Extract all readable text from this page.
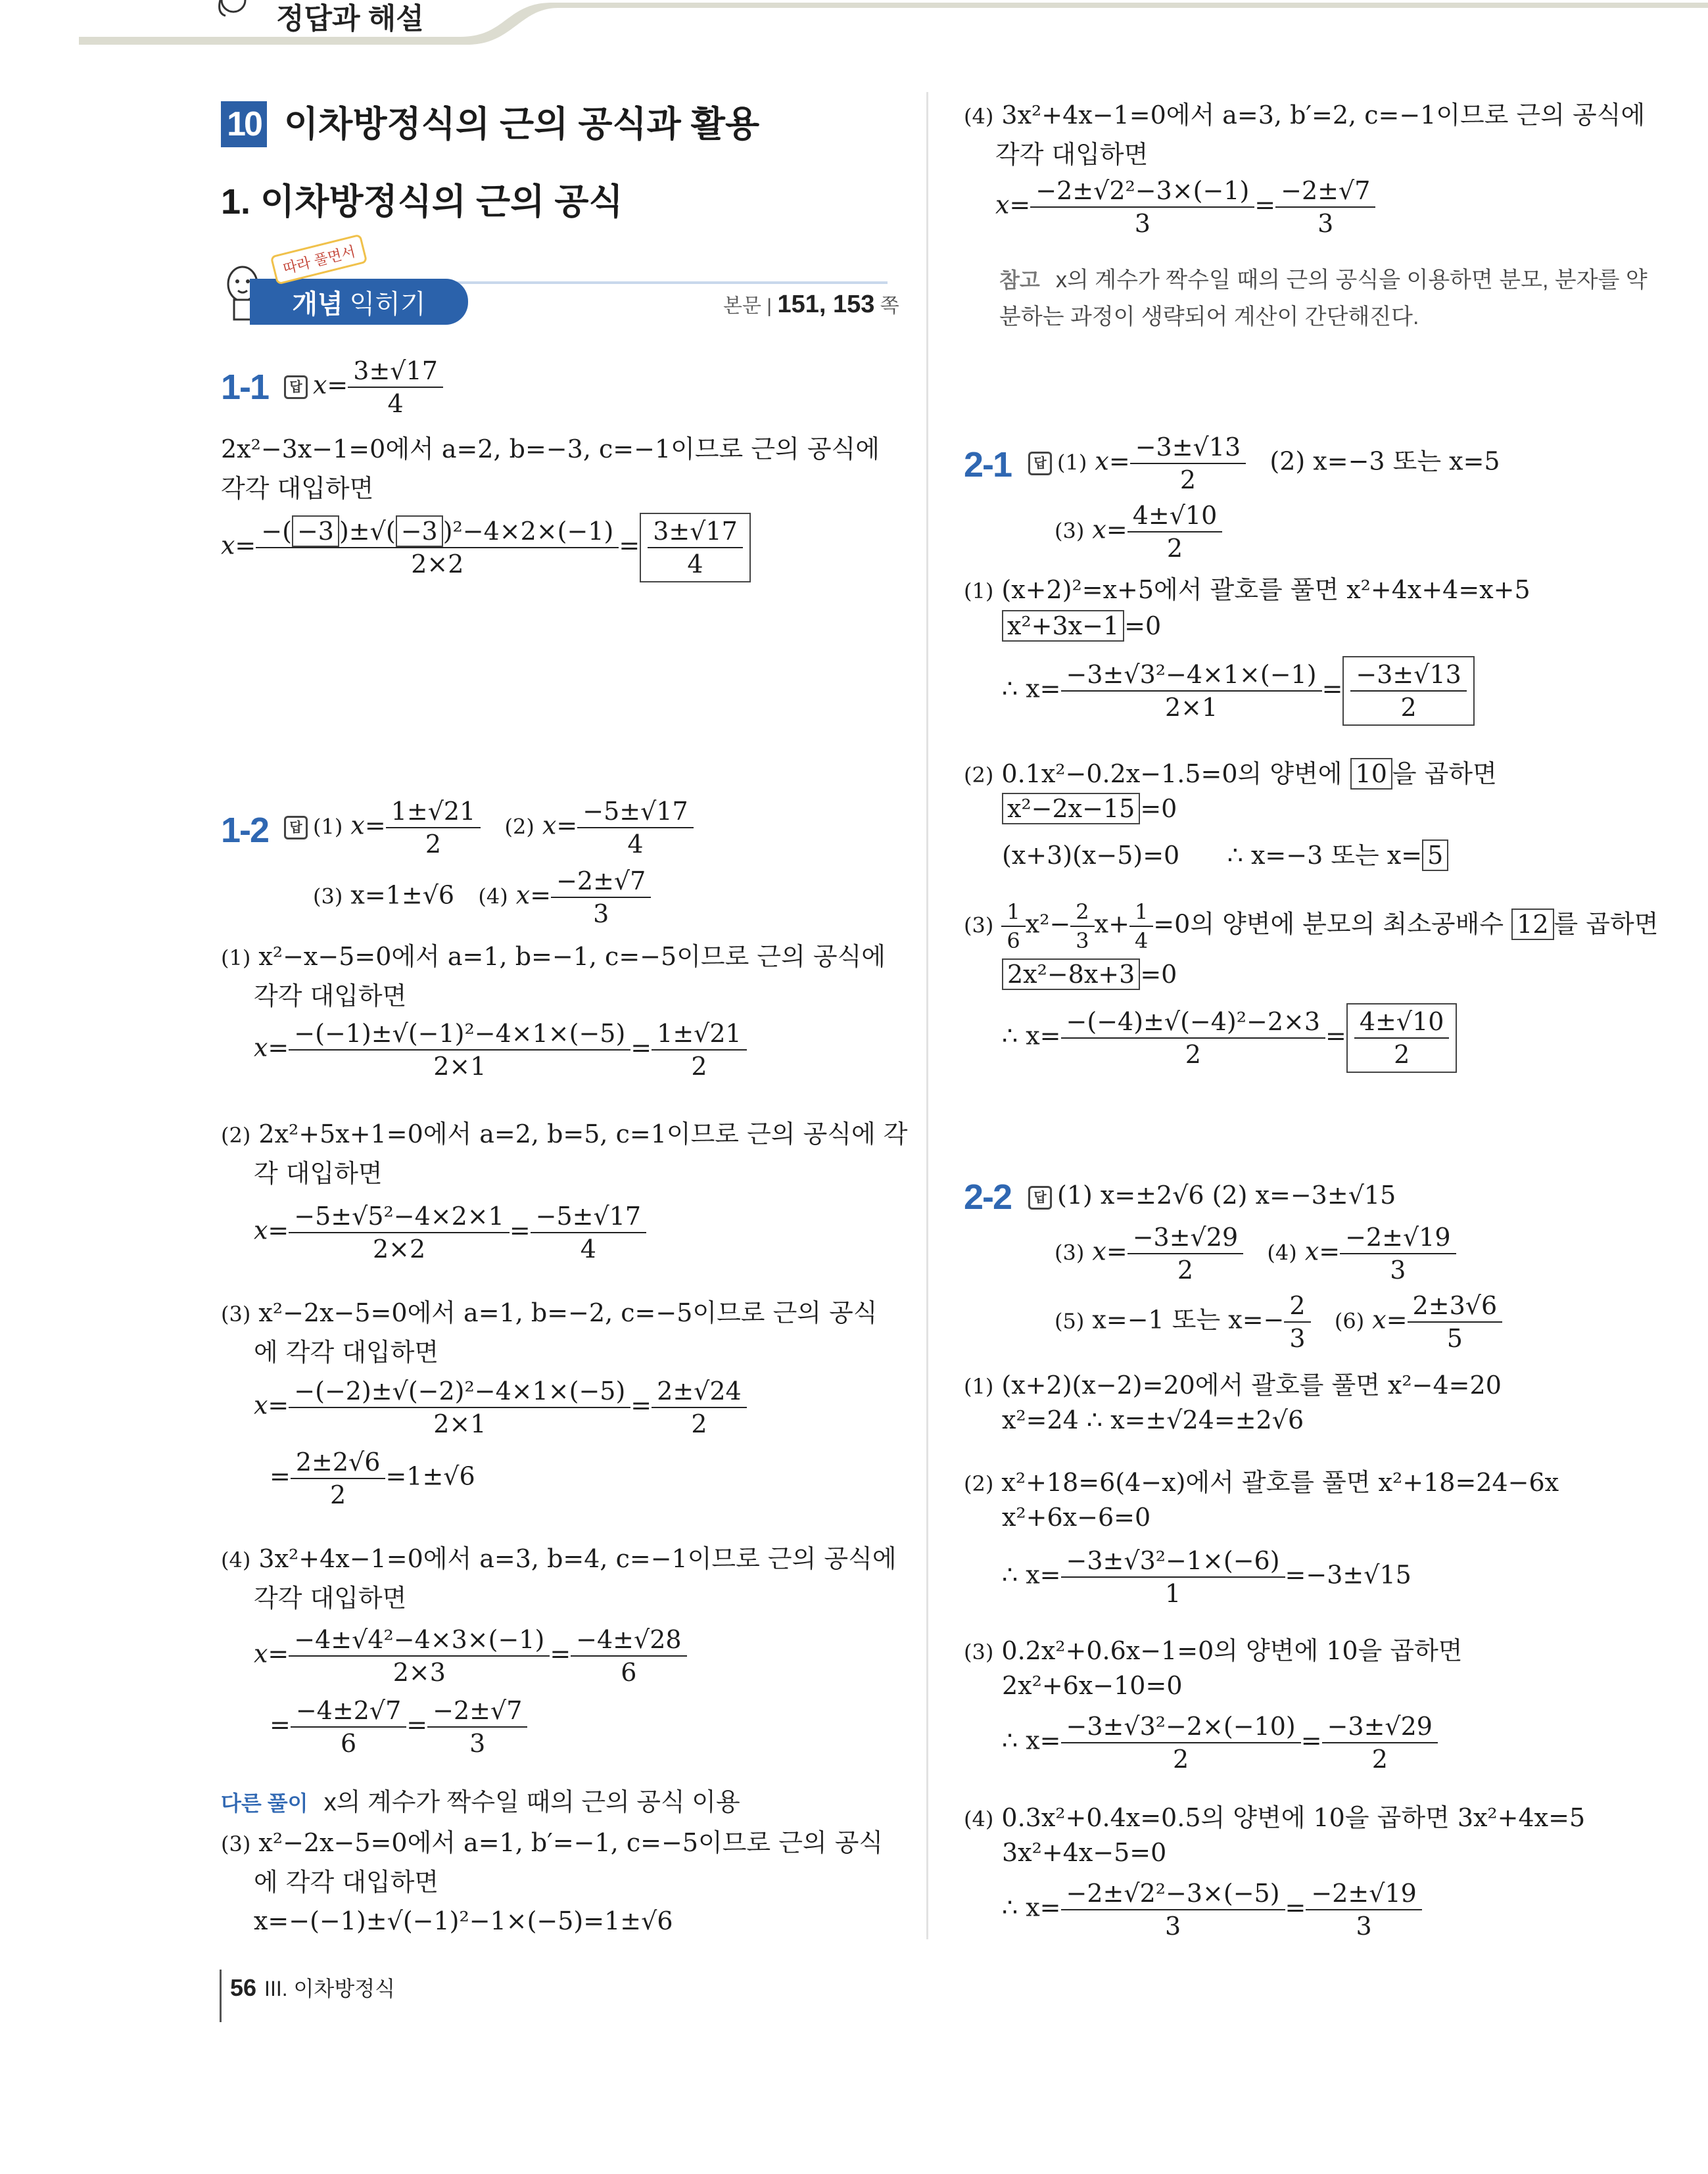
정답과 해설
10 이차방정식의 근의 공식과 활용
1. 이차방정식의 근의 공식
개념 익히기
따라 풀면서
본문 | 151, 153 쪽
1-1	답 $x= \frac{3\pm√17}{4}$
2x²−3x−1=0에서 a=2, b=−3, c=−1이므로 근의 공식에
각각 대입하면
$x= \frac{\text{−( −3 )±√( −3 )²−4×2×(−1)}}{2\times 2} = \frac{3\pm√17}{4}$
1-2	답 (1) $x= \frac{1\pm√21}{2} (2)$ $x= \frac{-5\pm√17}{4}$
(3) x=1±√6 (4) $x= \frac{-2\pm√7}{3}$
(1) x²−x−5=0에서 a=1, b=−1, c=−5이므로 근의 공식에
각각 대입하면
$x= \frac{\text{−(−1)±√(−1)²−4×1×(−5)}}{2\times 1} = \frac{1\pm√21}{2}$
(2) 2x²+5x+1=0에서 a=2, b=5, c=1이므로 근의 공식에 각
각 대입하면
$x= \frac{\text{−5±√5²−4×2×1}}{2\times 2} = \frac{-5\pm√17}{4}$
(3) x²−2x−5=0에서 a=1, b=−2, c=−5이므로 근의 공식
에 각각 대입하면
$x= \frac{\text{−(−2)±√(−2)²−4×1×(−5)}}{2\times 1} = \frac{2\pm√24}{2}$
= $\frac{2\pm 2√6}{2} =1\pm√6$
(4) 3x²+4x−1=0에서 a=3, b=4, c=−1이므로 근의 공식에
각각 대입하면
$x= \frac{\text{−4±√4²−4×3×(−1)}}{2\times 3} = \frac{-4\pm√28}{6}$
= $\frac{-4\pm 2√7}{6} = \frac{-2\pm√7}{3}$
다른 풀이 x의 계수가 짝수일 때의 근의 공식 이용
(3) x²−2x−5=0에서 a=1, b′=−1, c=−5이므로 근의 공식
에 각각 대입하면
x=−(−1)±√(−1)²−1×(−5)=1±√6
56 III. 이차방정식
(4) 3x²+4x−1=0에서 a=3, b′=2, c=−1이므로 근의 공식에
각각 대입하면
$x= \frac{\text{−2±√2²−3×(−1)}}{3} = \frac{-2\pm√7}{3}$
참고 x의 계수가 짝수일 때의 근의 공식을 이용하면 분모, 분자를 약
분하는 과정이 생략되어 계산이 간단해진다.
2-1	답 (1) $x= \frac{-3\pm√13}{2} (2)$ x=−3 또는 x=5
(3) $x= \frac{4\pm√10}{2}$
(1) (x+2)²=x+5에서 괄호를 풀면 x²+4x+4=x+5
x²+3x−1 =0
∴ $x= \frac{\text{−3±√3²−4×1×(−1)}}{2\times 1} = \frac{-3\pm√13}{2}$
(2) 0.1x²−0.2x−1.5=0의 양변에 10 을 곱하면
x²−2x−15 =0
(x+3)(x−5)=0 ∴ x=−3 또는 x= 5
$(3) \frac{1}{6} x^2- \frac{2}{3} x+ \frac{1}{4} =0$의 양변에 분모의 최소공배수 12 를 곱하면
2x²−8x+3 =0
∴ $x= \frac{\text{−(−4)±√(−4)²−2×3}}{2} = \frac{4\pm√10}{2}$
2-2	답 (1) x=±2√6 (2) x=−3±√15
(3) $x= \frac{-3\pm√29}{2} (4)$ $x= \frac{-2\pm√19}{3}$
(5) x=−1 또는 $x=- \frac{2}{3} (6)$ $x= \frac{2\pm 3√6}{5}$
(1) (x+2)(x−2)=20에서 괄호를 풀면 x²−4=20
x²=24 ∴ x=±√24=±2√6
(2) x²+18=6(4−x)에서 괄호를 풀면 x²+18=24−6x
x²+6x−6=0
∴ $x= \frac{\text{−3±√3²−1×(−6)}}{1} =-3\pm√15$
(3) 0.2x²+0.6x−1=0의 양변에 10을 곱하면
2x²+6x−10=0
∴ $x= \frac{\text{−3±√3²−2×(−10)}}{2} = \frac{-3\pm√29}{2}$
(4) 0.3x²+0.4x=0.5의 양변에 10을 곱하면 3x²+4x=5
3x²+4x−5=0
∴ $x= \frac{\text{−2±√2²−3×(−5)}}{3} = \frac{-2\pm√19}{3}$
